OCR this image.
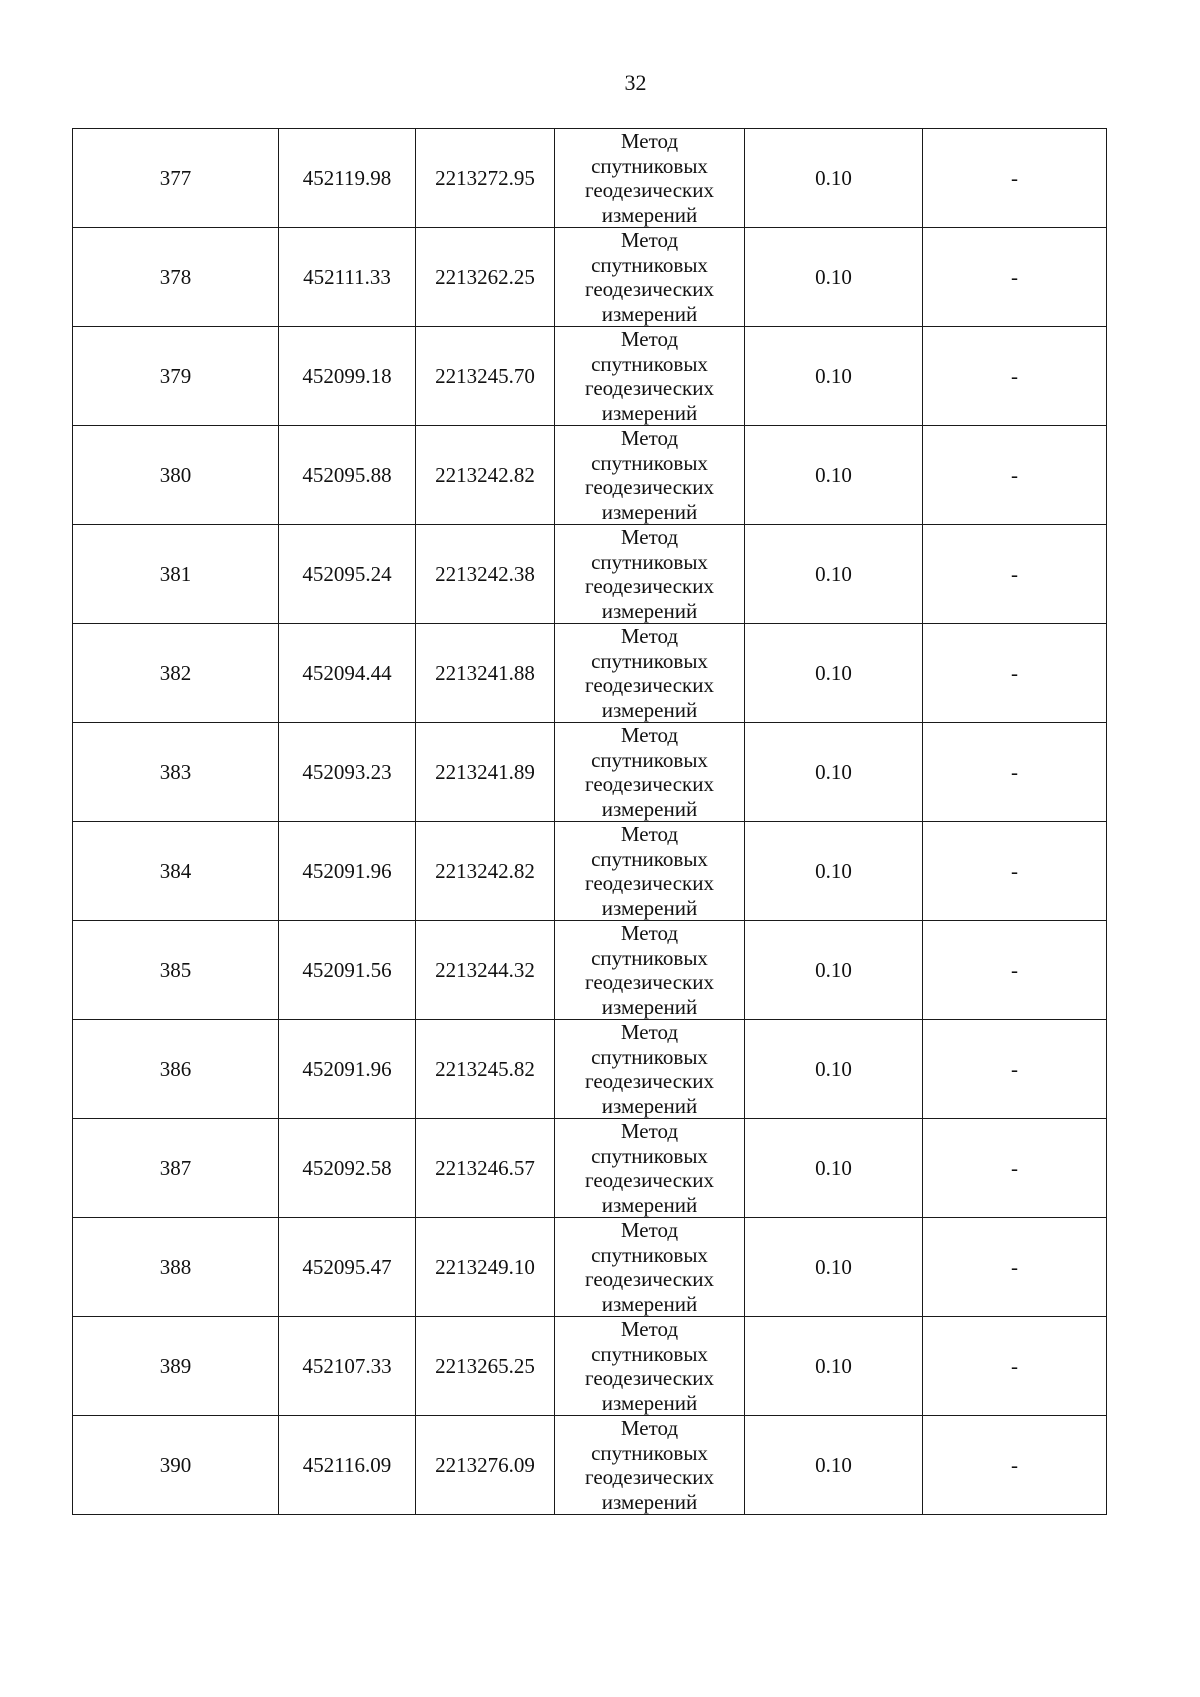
32
377	452119.98	2213272.95	Метод
спутниковых
геодезических
измерений	0.10	-
378	452111.33	2213262.25	Метод
спутниковых
геодезических
измерений	0.10	-
379	452099.18	2213245.70	Метод
спутниковых
геодезических
измерений	0.10	-
380	452095.88	2213242.82	Метод
спутниковых
геодезических
измерений	0.10	-
381	452095.24	2213242.38	Метод
спутниковых
геодезических
измерений	0.10	-
382	452094.44	2213241.88	Метод
спутниковых
геодезических
измерений	0.10	-
383	452093.23	2213241.89	Метод
спутниковых
геодезических
измерений	0.10	-
384	452091.96	2213242.82	Метод
спутниковых
геодезических
измерений	0.10	-
385	452091.56	2213244.32	Метод
спутниковых
геодезических
измерений	0.10	-
386	452091.96	2213245.82	Метод
спутниковых
геодезических
измерений	0.10	-
387	452092.58	2213246.57	Метод
спутниковых
геодезических
измерений	0.10	-
388	452095.47	2213249.10	Метод
спутниковых
геодезических
измерений	0.10	-
389	452107.33	2213265.25	Метод
спутниковых
геодезических
измерений	0.10	-
390	452116.09	2213276.09	Метод
спутниковых
геодезических
измерений	0.10	-
